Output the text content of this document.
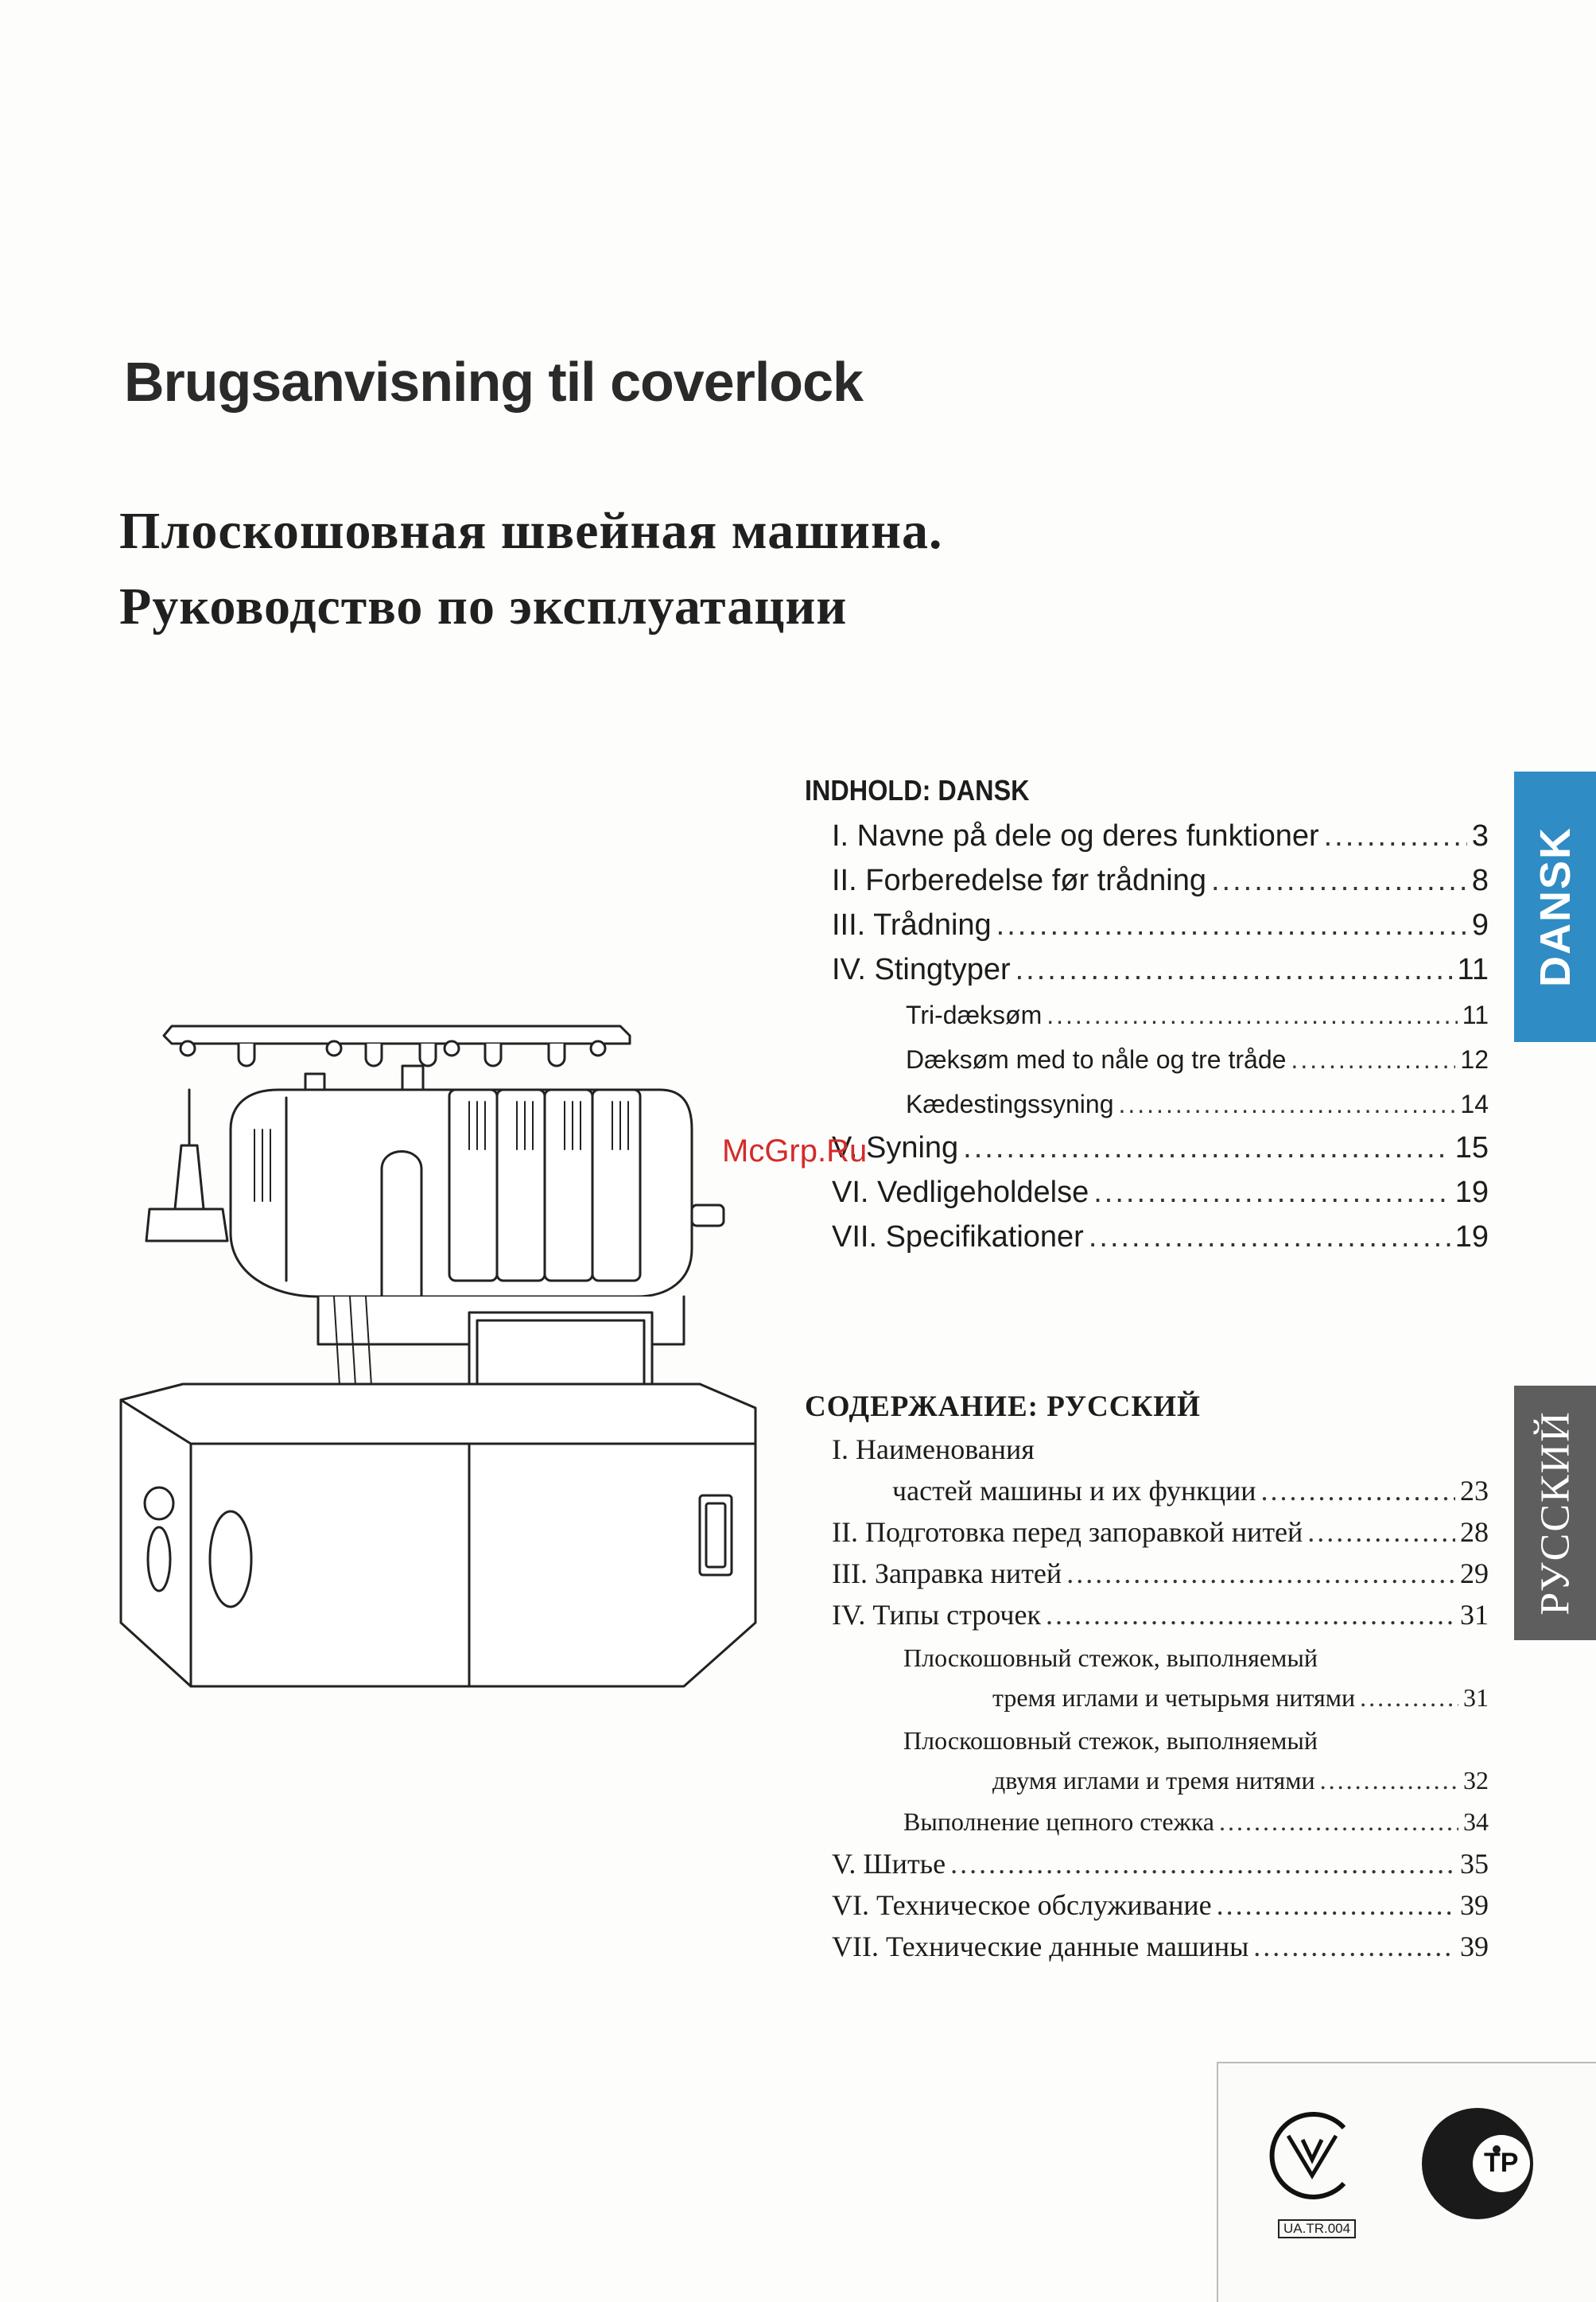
Brugsanvisning til coverlock
Плоскошовная швейная машина.
Руководство по эксплуатации
INDHOLD: DANSK
I. Navne på dele og deres funktioner .....	3
II. Forberedelse før trådning .....	8
III. Trådning .....	9
IV. Stingtyper .....	11
Tri-dæksøm .....	11
Dæksøm med to nåle og tre tråde .....	12
Kædestingssyning .....	14
V. Syning .....	15
VI. Vedligeholdelse .....	19
VII. Specifikationer .....	19
McGrp.Ru
СОДЕРЖАНИЕ: РУССКИЙ
I. Наименования
частей машины и их функции .....	23
II. Подготовка перед запоравкой нитей .....	28
III. Заправка нитей .....	29
IV. Типы строчек .....	31
Плоскошовный стежок, выполняемый
тремя иглами и четырьмя нитями .....	31
Плоскошовный стежок, выполняемый
двумя иглами и тремя нитями .....	32
Выполнение цепного стежка .....	34
V. Шитье .....	35
VI. Техническое обслуживание .....	39
VII. Технические данные машины .....	39
DANSK
РУССКИЙ
UA.TR.004
TP
